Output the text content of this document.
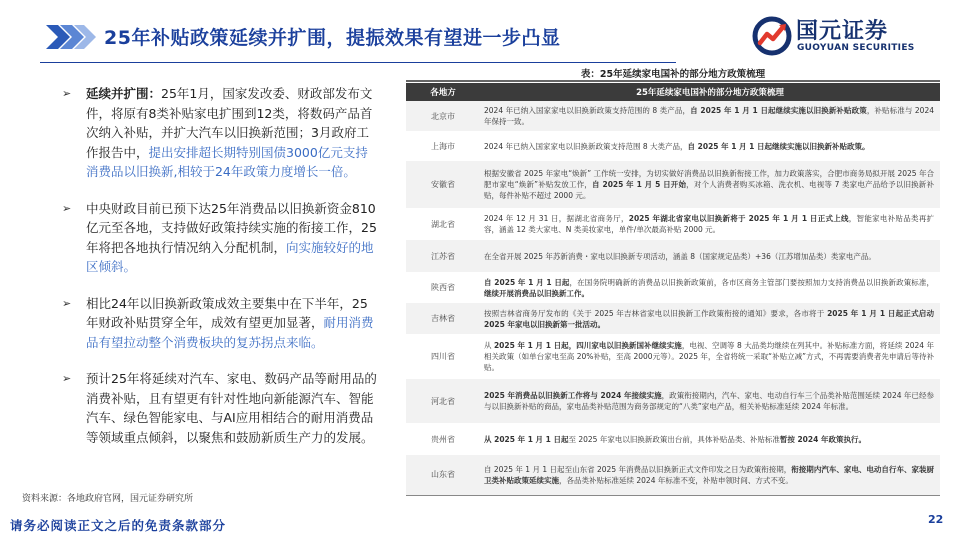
25年补贴政策延续并扩围，提振效果有望进一步凸显	国元证券
GUOYUAN SECURITIES
➢ 延续并扩围：25年1月，国家发改委、财政部发布文件，将原有8类补贴家电扩围到12类，将数码产品首次纳入补贴，并扩大汽车以旧换新范围；3月政府工作报告中，提出安排超长期特别国债3000亿元支持消费品以旧换新,相较于24年政策力度增长一倍。
➢ 中央财政目前已预下达25年消费品以旧换新资金810亿元至各地，支持做好政策持续实施的衔接工作，25年将把各地执行情况纳入分配机制，向实施较好的地区倾斜。
➢ 相比24年以旧换新政策成效主要集中在下半年，25年财政补贴贯穿全年，成效有望更加显著，耐用消费品有望拉动整个消费板块的复苏拐点来临。
➢ 预计25年将延续对汽车、家电、数码产品等耐用品的消费补贴，且有望更有针对性地向新能源汽车、智能汽车、绿色智能家电、与AI应用相结合的耐用消费品等领域重点倾斜，以聚焦和鼓励新质生产力的发展。
资料来源：各地政府官网，国元证券研究所
表：25年延续家电国补的部分地方政策梳理
各地方	25年延续家电国补的部分地方政策梳理
北京市	2024 年已纳入国家家电以旧换新政策支持范围的 8 类产品，自 2025 年 1 月 1 日起继续实施以旧换新补贴政策，补贴标准与 2024 年保持一致。
上海市	2024 年已纳入国家家电以旧换新政策支持范围 8 大类产品，自 2025 年 1 月 1 日起继续实施以旧换新补贴政策。
安徽省	根据安徽省 2025 年家电“焕新” 工作统一安排，为切实做好消费品以旧换新衔接工作，加力政策落实，合肥市商务局拟开展 2025 年合肥市家电“焕新”补贴发放工作，自 2025 年 1 月 5 日开始，对个人消费者购买冰箱、洗衣机、电视等 7 类家电产品给予以旧换新补贴，每件补贴不超过 2000 元。
湖北省	2024 年 12 月 31 日，据湖北省商务厅，2025 年湖北省家电以旧换新将于 2025 年 1 月 1 日正式上线，智能家电补贴品类再扩容，涵盖 12 类大家电、N 类美妆家电，单件/单次最高补贴 2000 元。
江苏省	在全省开展 2025 年苏新消费・家电以旧换新专项活动，涵盖 8（国家规定品类）+36（江苏增加品类）类家电产品。
陕西省	自 2025 年 1 月 1 日起，在国务院明确新的消费品以旧换新政策前，各市区商务主管部门要按照加力支持消费品以旧换新政策标准，继续开展消费品以旧换新工作。
吉林省	按照吉林省商务厅发布的《关于 2025 年吉林省家电以旧换新工作政策衔接的通知》要求，各市将于 2025 年 1 月 1 日起正式启动 2025 年家电以旧换新第一批活动。
四川省	从 2025 年 1 月 1 日起，四川家电以旧换新国补继续实施，电视、空调等 8 大品类均继续在列其中。补贴标准方面，将延续 2024 年相关政策（如单台家电至高 20%补贴，至高 2000元等）。2025 年，全省将统一采取“补贴立减”方式，不再需要消费者先申请后等待补贴。
河北省	2025 年消费品以旧换新工作将与 2024 年接续实施，政策衔接期内，汽车、家电、电动自行车三个品类补贴范围延续 2024 年已经参与以旧换新补贴的商品，家电品类补贴范围为商务部规定的“八类”家电产品，相关补贴标准延续 2024 年标准。
贵州省	从 2025 年 1 月 1 日起至 2025 年家电以旧换新政策出台前，具体补贴品类、补贴标准暂按 2024 年政策执行。
山东省	自 2025 年 1 月 1 日起至山东省 2025 年消费品以旧换新正式文件印发之日为政策衔接期，衔接期内汽车、家电、电动自行车、家装厨卫类补贴政策延续实施，各品类补贴标准延续 2024 年标准不变，补贴申领时间、方式不变。
请务必阅读正文之后的免责条款部分	22
